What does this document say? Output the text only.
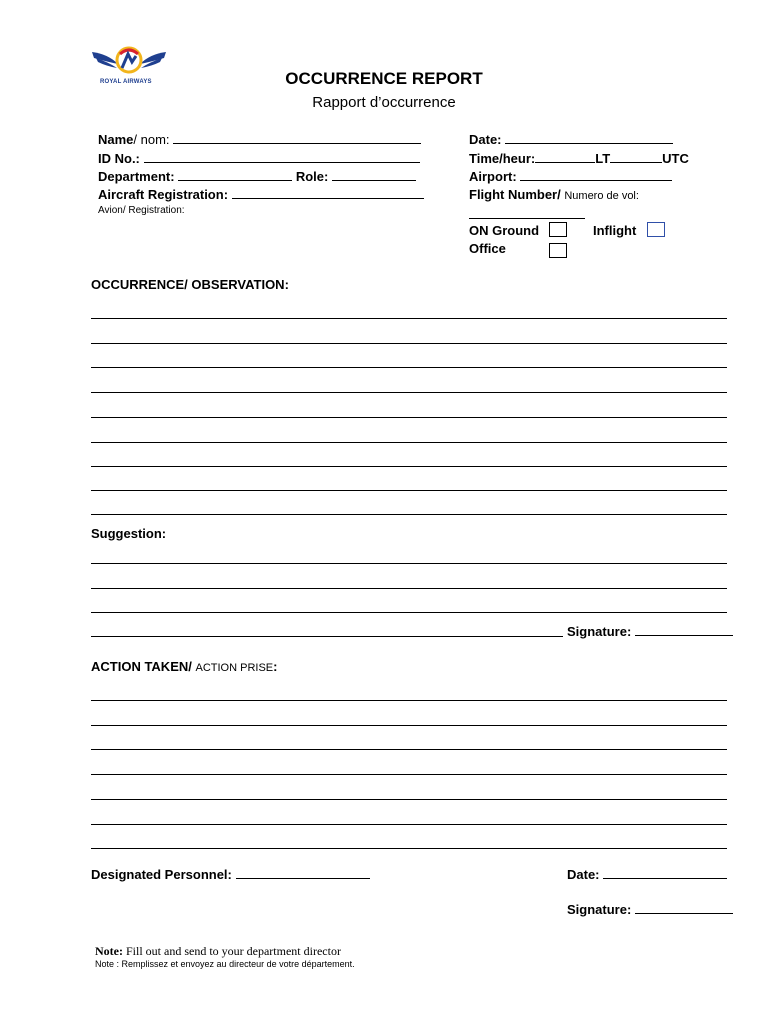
ROYAL AIRWAYS	OCCURRENCE REPORT
Rapport d’occurrence
Name/ nom:
ID No.:
Department:	Role:
Aircraft Registration:
Avion/ Registration:
Date:
Time/heur:	LT	UTC
Airport:
Flight Number/ Numero de vol:
ON Ground	Inflight
Office
OCCURRENCE/ OBSERVATION:
Suggestion:
Signature:
ACTION TAKEN/ ACTION PRISE:
Designated Personnel:	Date:
Signature:
Note: Fill out and send to your department director
Note : Remplissez et envoyez au directeur de votre département.
